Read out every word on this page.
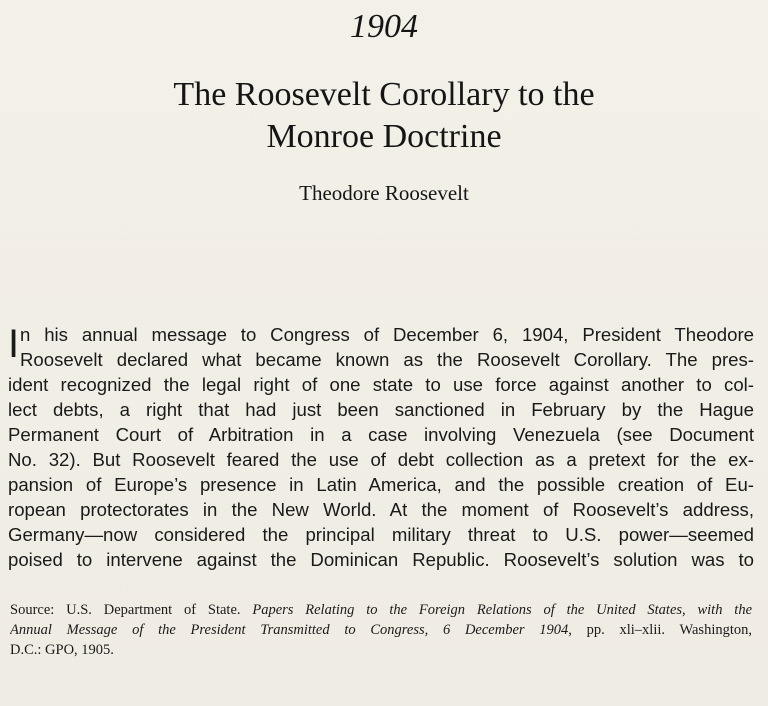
1904
The Roosevelt Corollary to the
Monroe Doctrine
Theodore Roosevelt
I n his annual message to Congress of December 6, 1904, President Theodore
Roosevelt declared what became known as the Roosevelt Corollary. The pres-
ident recognized the legal right of one state to use force against another to col-
lect debts, a right that had just been sanctioned in February by the Hague
Permanent Court of Arbitration in a case involving Venezuela (see Document
No. 32). But Roosevelt feared the use of debt collection as a pretext for the ex-
pansion of Europe’s presence in Latin America, and the possible creation of Eu-
ropean protectorates in the New World. At the moment of Roosevelt’s address,
Germany—now considered the principal military threat to U.S. power—seemed
poised to intervene against the Dominican Republic. Roosevelt’s solution was to
Source: U.S. Department of State. Papers Relating to the Foreign Relations of the United States, with the
Annual Message of the President Transmitted to Congress, 6 December 1904, pp. xli–xlii. Washington,
D.C.: GPO, 1905.
